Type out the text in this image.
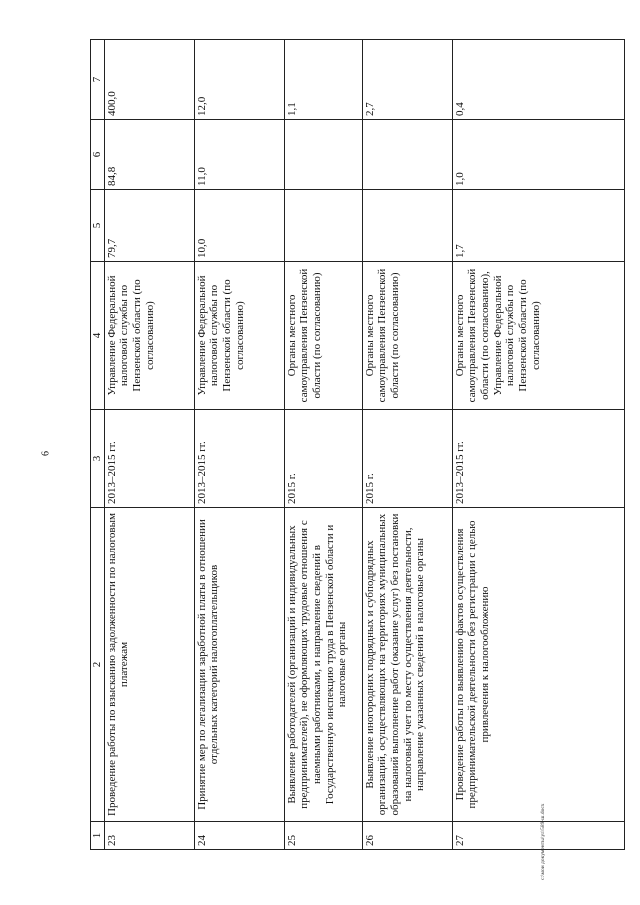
6
1	2	3	4	5	6	7
23	Проведение работы по взысканию задолженности по налоговым платежам	2013–2015 гг.	Управление Федеральной налоговой службы по Пензенской области (по согласованию)	79,7	84,8	400,0
24	Принятие мер по легализации заработной платы в отношении отдельных категорий налогоплательщиков	2013–2015 гг.	Управление Федеральной налоговой службы по Пензенской области (по согласованию)	10,0	11,0	12,0
25	Выявление работодателей (организаций и индивидуальных предпринимателей), не оформляющих трудовые отношения с наемными работниками, и направление сведений в Государственную инспекцию труда в Пензенской области и налоговые органы	2015 г.	Органы местного самоуправления Пензенской области (по согласованию)			1,1
26	Выявление иногородних подрядных и субподрядных организаций, осуществляющих на территориях муниципальных образований выполнение работ (оказание услуг) без постановки на налоговый учет по месту осуществления деятельности, направление указанных сведений в налоговые органы	2015 г.	Органы местного самоуправления Пензенской области (по согласованию)			2,7
27	Проведение работы по выявлению фактов осуществления предпринимательской деятельности без регистрации с целью привлечения к налогообложению	2013–2015 гг.	Органы местного самоуправления Пензенской области (по согласованию), Управление Федеральной налоговой службы по Пензенской области (по согласованию)	1,7	1,0	0,4
c:\мои документы\ул\589-ш.docx
